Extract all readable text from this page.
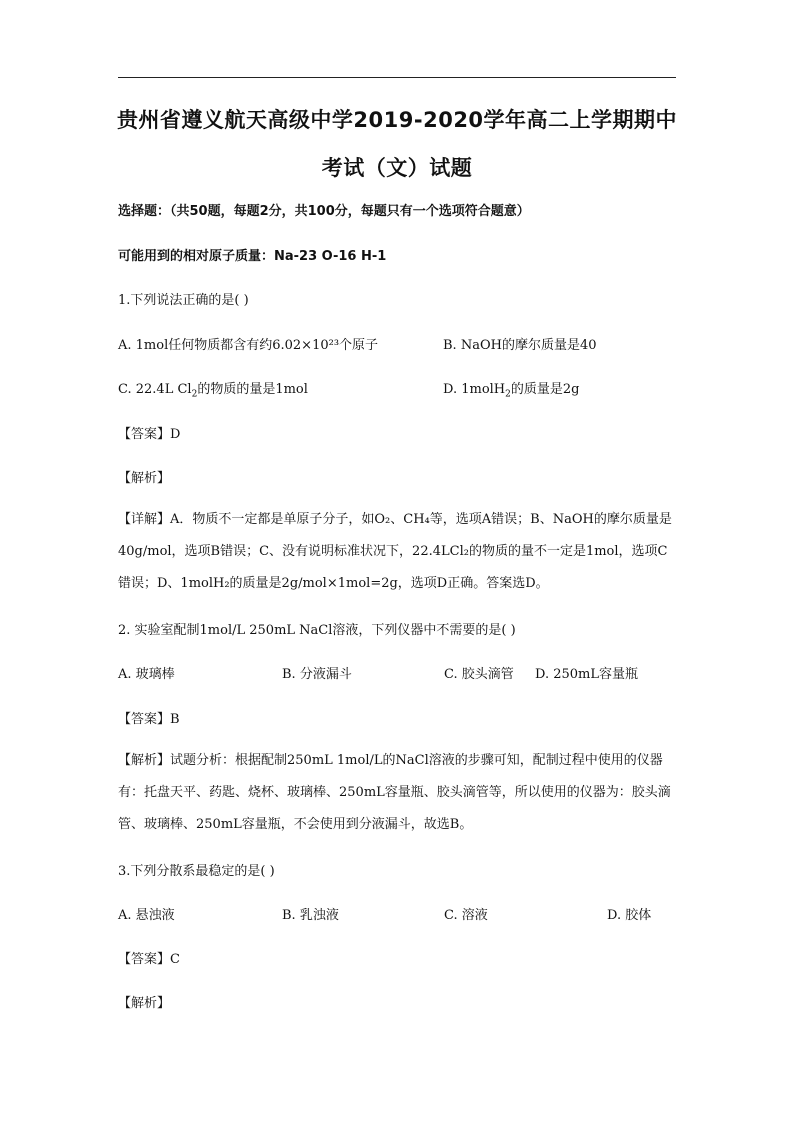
贵州省遵义航天高级中学2019-2020学年高二上学期期中考试（文）试题
选择题：（共50题，每题2分，共100分，每题只有一个选项符合题意）
可能用到的相对原子质量：Na-23 O-16 H-1
1.下列说法正确的是( )
A. 1mol任何物质都含有约6.02×10²³个原子	B. NaOH的摩尔质量是40
C. 22.4L $Cl_2$的物质的量是1mol	D. 1molH$_2$的质量是2g
【答案】D
【解析】
【详解】A．物质不一定都是单原子分子，如O₂、CH₄等，选项A错误；B、NaOH的摩尔质量是40g/mol，选项B错误；C、没有说明标准状况下，22.4LCl₂的物质的量不一定是1mol，选项C错误；D、1molH₂的质量是2g/mol×1mol=2g，选项D正确。答案选D。
2. 实验室配制1mol/L 250mL NaCl溶液，下列仪器中不需要的是( )
A. 玻璃棒	B. 分液漏斗	C. 胶头滴管 D. 250mL容量瓶
【答案】B
【解析】试题分析：根据配制250mL 1mol/L的NaCl溶液的步骤可知，配制过程中使用的仪器有：托盘天平、药匙、烧杯、玻璃棒、250mL容量瓶、胶头滴管等，所以使用的仪器为：胶头滴管、玻璃棒、250mL容量瓶，不会使用到分液漏斗，故选B。
3.下列分散系最稳定的是( )
A. 悬浊液	B. 乳浊液	C. 溶液	D. 胶体
【答案】C
【解析】
